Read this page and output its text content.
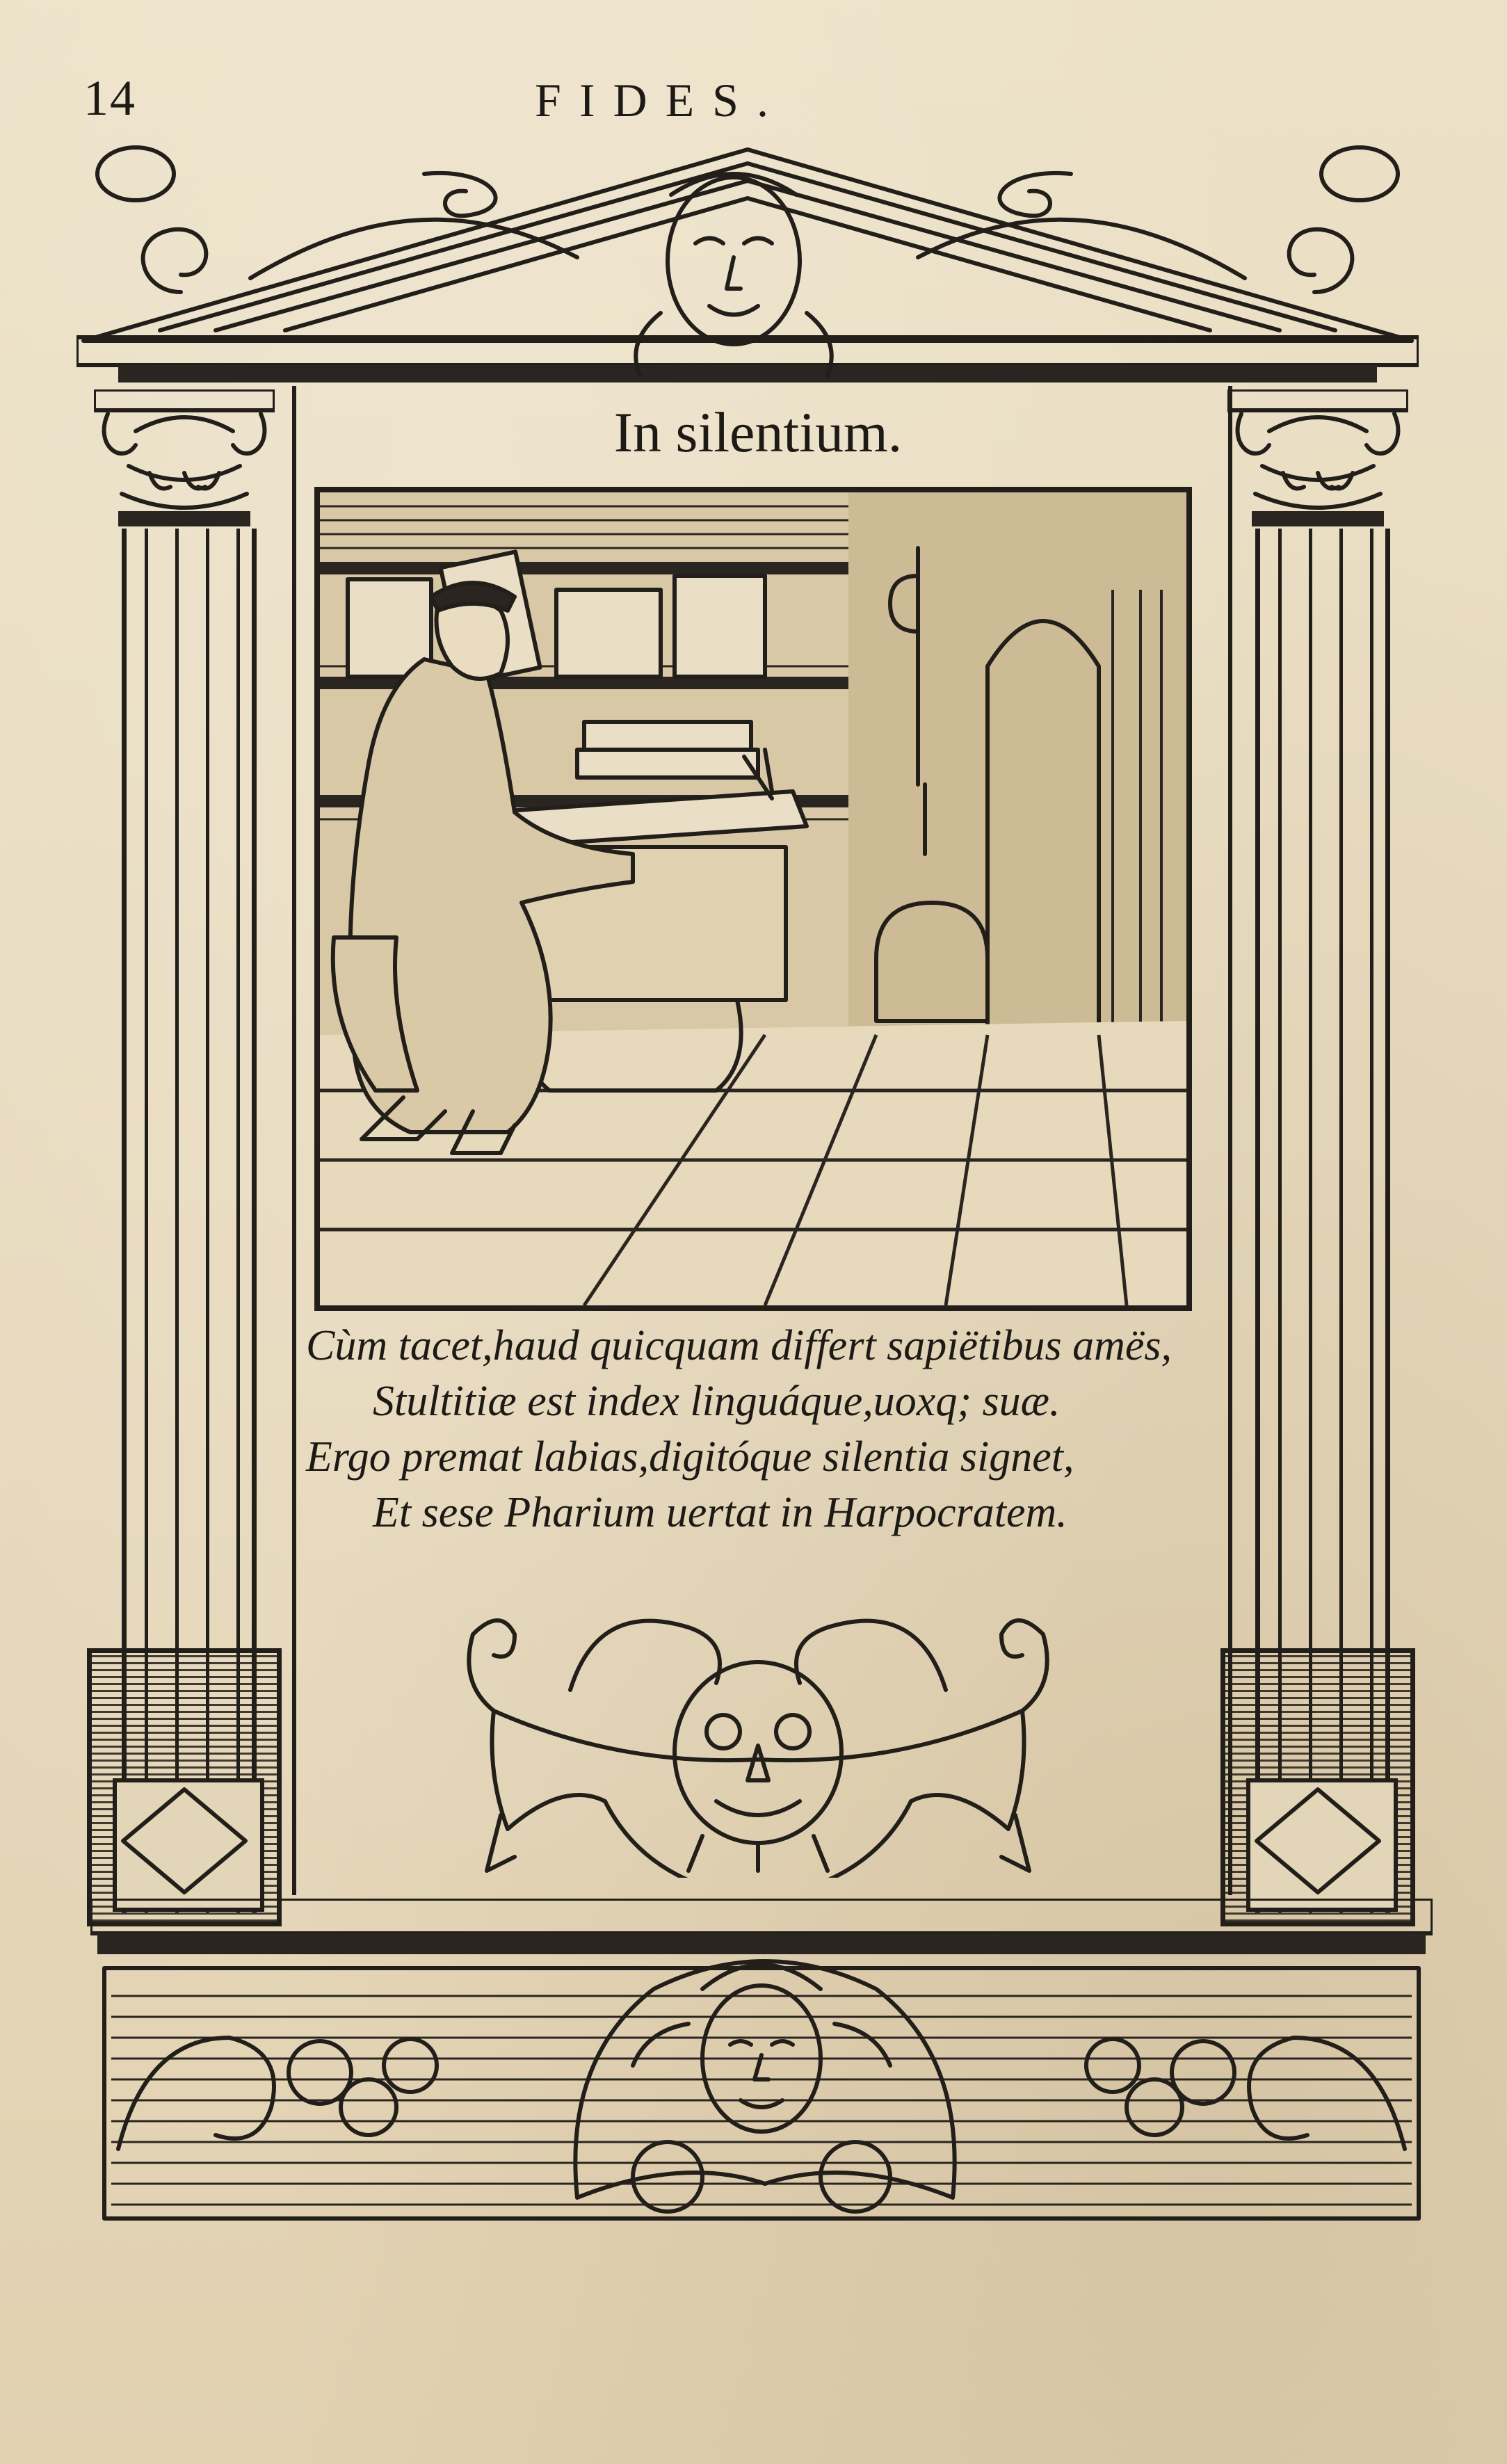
14	FIDES.
In silentium.
Cùm tacet,haud quicquam differt sapiëtibus amës,
Stultitiæ est index linguáque,uoxq; suæ.
Ergo premat labias,digitóque silentia signet,
Et sese Pharium uertat in Harpocratem.
